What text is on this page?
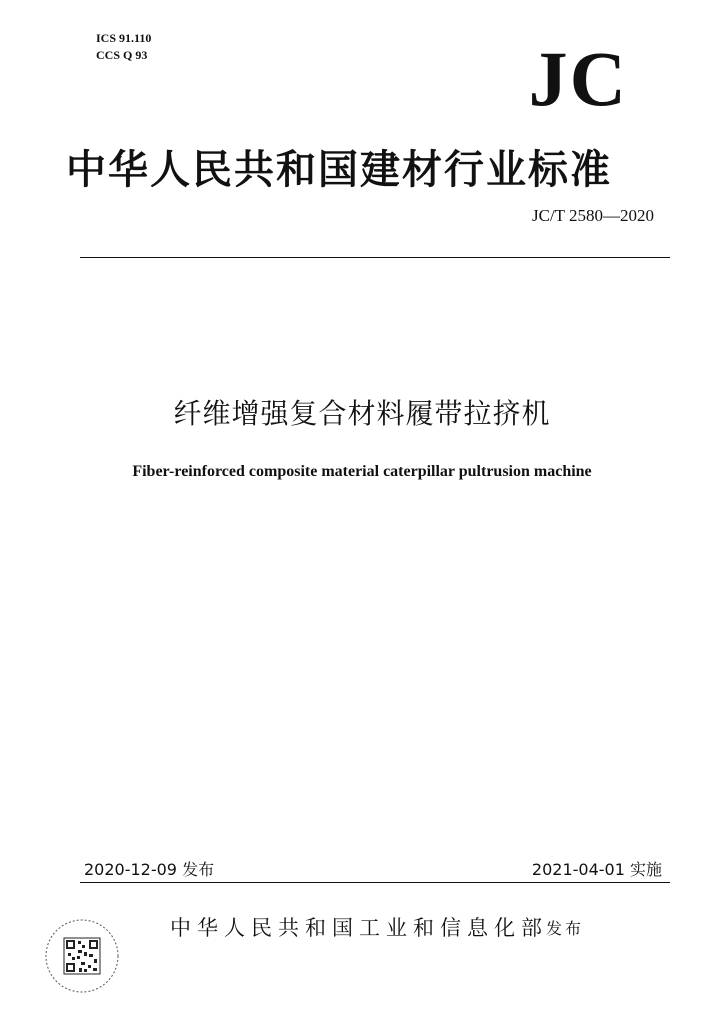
ICS 91.110
CCS Q 93	JC
中华人民共和国建材行业标准
JC/T 2580—2020
纤维增强复合材料履带拉挤机
Fiber-reinforced composite material caterpillar pultrusion machine
2020-12-09 发布	2021-04-01 实施
中华人民共和国工业和信息化部
发布
